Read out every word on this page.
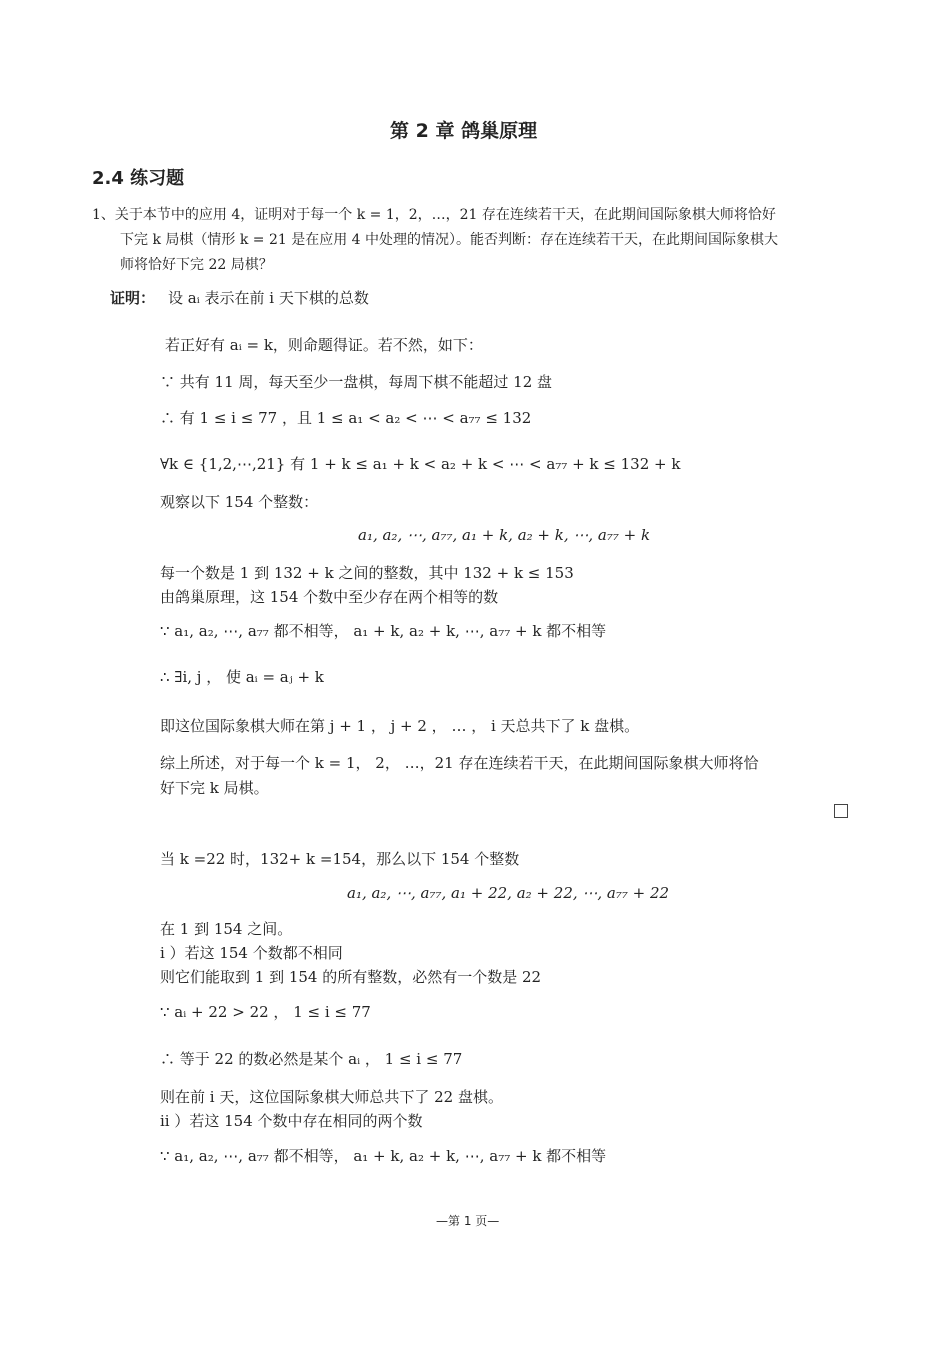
第 2 章 鸽巢原理
2.4 练习题
1、关于本节中的应用 4，证明对于每一个 k = 1，2，…，21 存在连续若干天，在此期间国际象棋大师将恰好
下完 k 局棋（情形 k = 21 是在应用 4 中处理的情况）。能否判断：存在连续若干天，在此期间国际象棋大
师将恰好下完 22 局棋？
证明： 设 aᵢ 表示在前 i 天下棋的总数
若正好有 aᵢ = k，则命题得证。若不然，如下：
∵ 共有 11 周，每天至少一盘棋，每周下棋不能超过 12 盘
∴ 有 1 ≤ i ≤ 77 ，且 1 ≤ a₁ < a₂ < ⋯ < a₇₇ ≤ 132
∀k ∈ {1,2,⋯,21} 有 1 + k ≤ a₁ + k < a₂ + k < ⋯ < a₇₇ + k ≤ 132 + k
观察以下 154 个整数：
a₁, a₂, ⋯, a₇₇, a₁ + k, a₂ + k, ⋯, a₇₇ + k
每一个数是 1 到 132 + k 之间的整数，其中 132 + k ≤ 153
由鸽巢原理，这 154 个数中至少存在两个相等的数
∵ a₁, a₂, ⋯, a₇₇ 都不相等， a₁ + k, a₂ + k, ⋯, a₇₇ + k 都不相等
∴ ∃i, j ， 使 aᵢ = aⱼ + k
即这位国际象棋大师在第 j + 1 ， j + 2 ， … ， i 天总共下了 k 盘棋。
综上所述，对于每一个 k = 1， 2， …，21 存在连续若干天，在此期间国际象棋大师将恰
好下完 k 局棋。
当 k =22 时，132+ k =154，那么以下 154 个整数
a₁, a₂, ⋯, a₇₇, a₁ + 22, a₂ + 22, ⋯, a₇₇ + 22
在 1 到 154 之间。
i ）若这 154 个数都不相同
则它们能取到 1 到 154 的所有整数，必然有一个数是 22
∵ aᵢ + 22 > 22 ， 1 ≤ i ≤ 77
∴ 等于 22 的数必然是某个 aᵢ ， 1 ≤ i ≤ 77
则在前 i 天，这位国际象棋大师总共下了 22 盘棋。
ii ）若这 154 个数中存在相同的两个数
∵ a₁, a₂, ⋯, a₇₇ 都不相等， a₁ + k, a₂ + k, ⋯, a₇₇ + k 都不相等
—第 1 页—
